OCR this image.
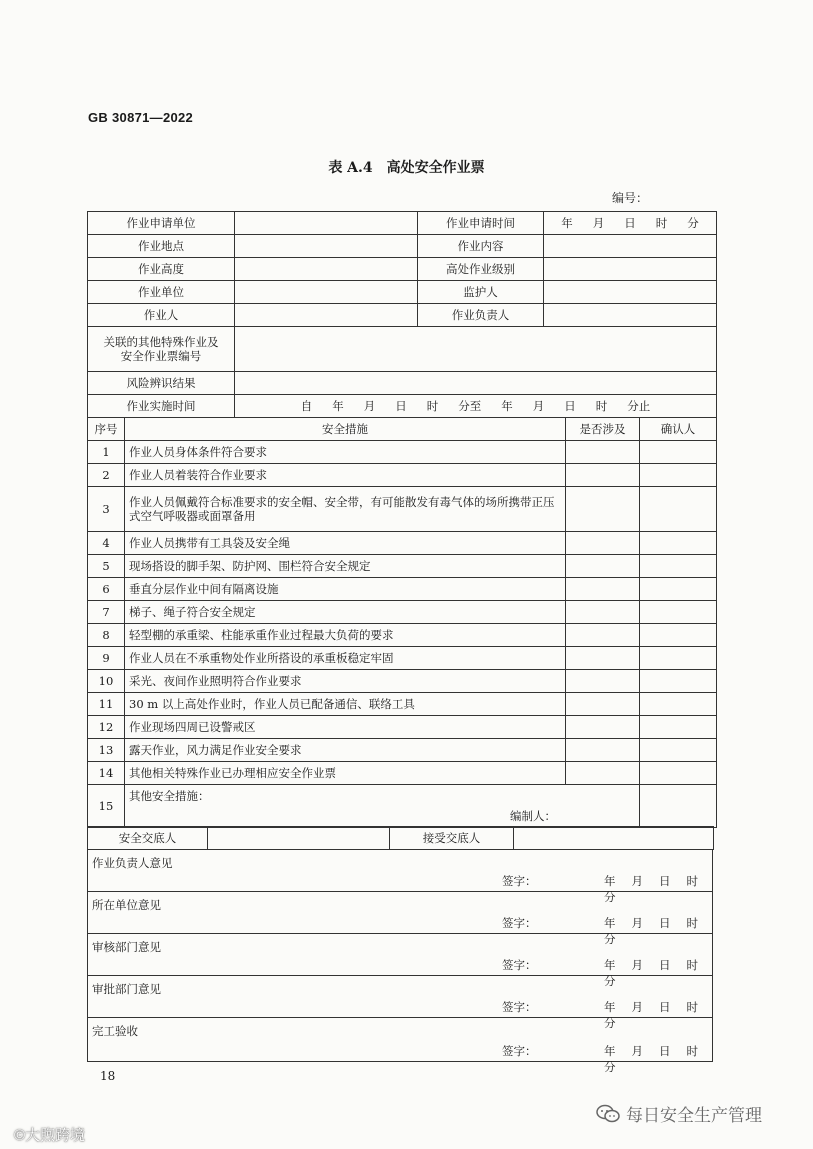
GB 30871—2022
表 A.4　高处安全作业票
编号：
作业申请单位			作业申请时间	年 月 日 时 分		
作业地点			作业内容			
作业高度			高处作业级别			
作业单位			监护人			
作业人			作业负责人			

关联的其他特殊作业及
安全作业票编号						

风险辨识结果						
作业实施时间		自 年 月 日 时 分至 年 月 日 时 分止				
序号	安全措施				是否涉及	确认人
1	作业人员身体条件符合要求					
2	作业人员着装符合作业要求					
3	作业人员佩戴符合标准要求的安全帽、安全带，有可能散发有毒气体的场所携带正压式空气呼吸器或面罩备用					
4	作业人员携带有工具袋及安全绳					
5	现场搭设的脚手架、防护网、围栏符合安全规定					
6	垂直分层作业中间有隔离设施					
7	梯子、绳子符合安全规定					
8	轻型棚的承重梁、柱能承重作业过程最大负荷的要求					
9	作业人员在不承重物处作业所搭设的承重板稳定牢固					
10	采光、夜间作业照明符合作业要求					
11	30 m 以上高处作业时，作业人员已配备通信、联络工具					
12	作业现场四周已设警戒区					
13	露天作业，风力满足作业安全要求					
14	其他相关特殊作业已办理相应安全作业票					
15	其他安全措施：
编制人：					

安全交底人		接受交底人	
作业负责人意见
签字：	年 月 日 时分
所在单位意见
签字：	年 月 日 时分
审核部门意见
签字：	年 月 日 时分
审批部门意见
签字：	年 月 日 时分
完工验收
签字：	年 月 日 时分
18
©大煦跨境
每日安全生产管理
